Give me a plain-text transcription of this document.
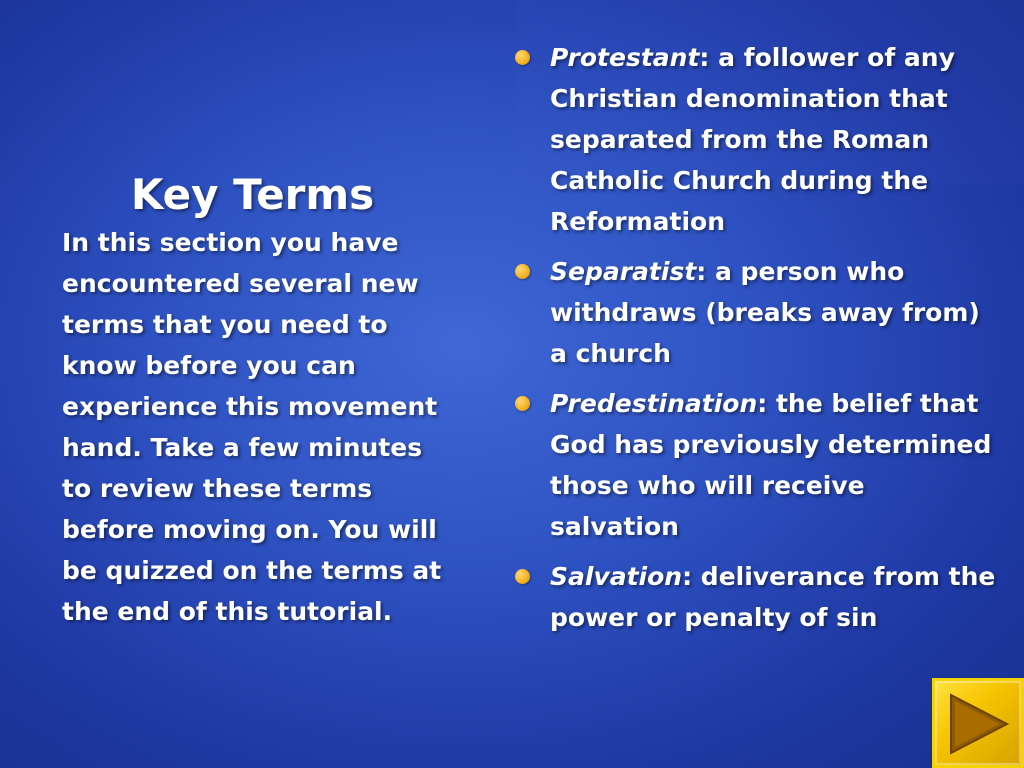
Key Terms

In this section you have encountered several new terms that you need to know before you can experience this movement hand. Take a few minutes to review these terms before moving on. You will be quizzed on the terms at the end of this tutorial.

Protestant: a follower of any Christian denomination that separated from the Roman Catholic Church during the Reformation
Separatist: a person who withdraws (breaks away from) a church
Predestination: the belief that God has previously determined those who will receive salvation
Salvation: deliverance from the power or penalty of sin
